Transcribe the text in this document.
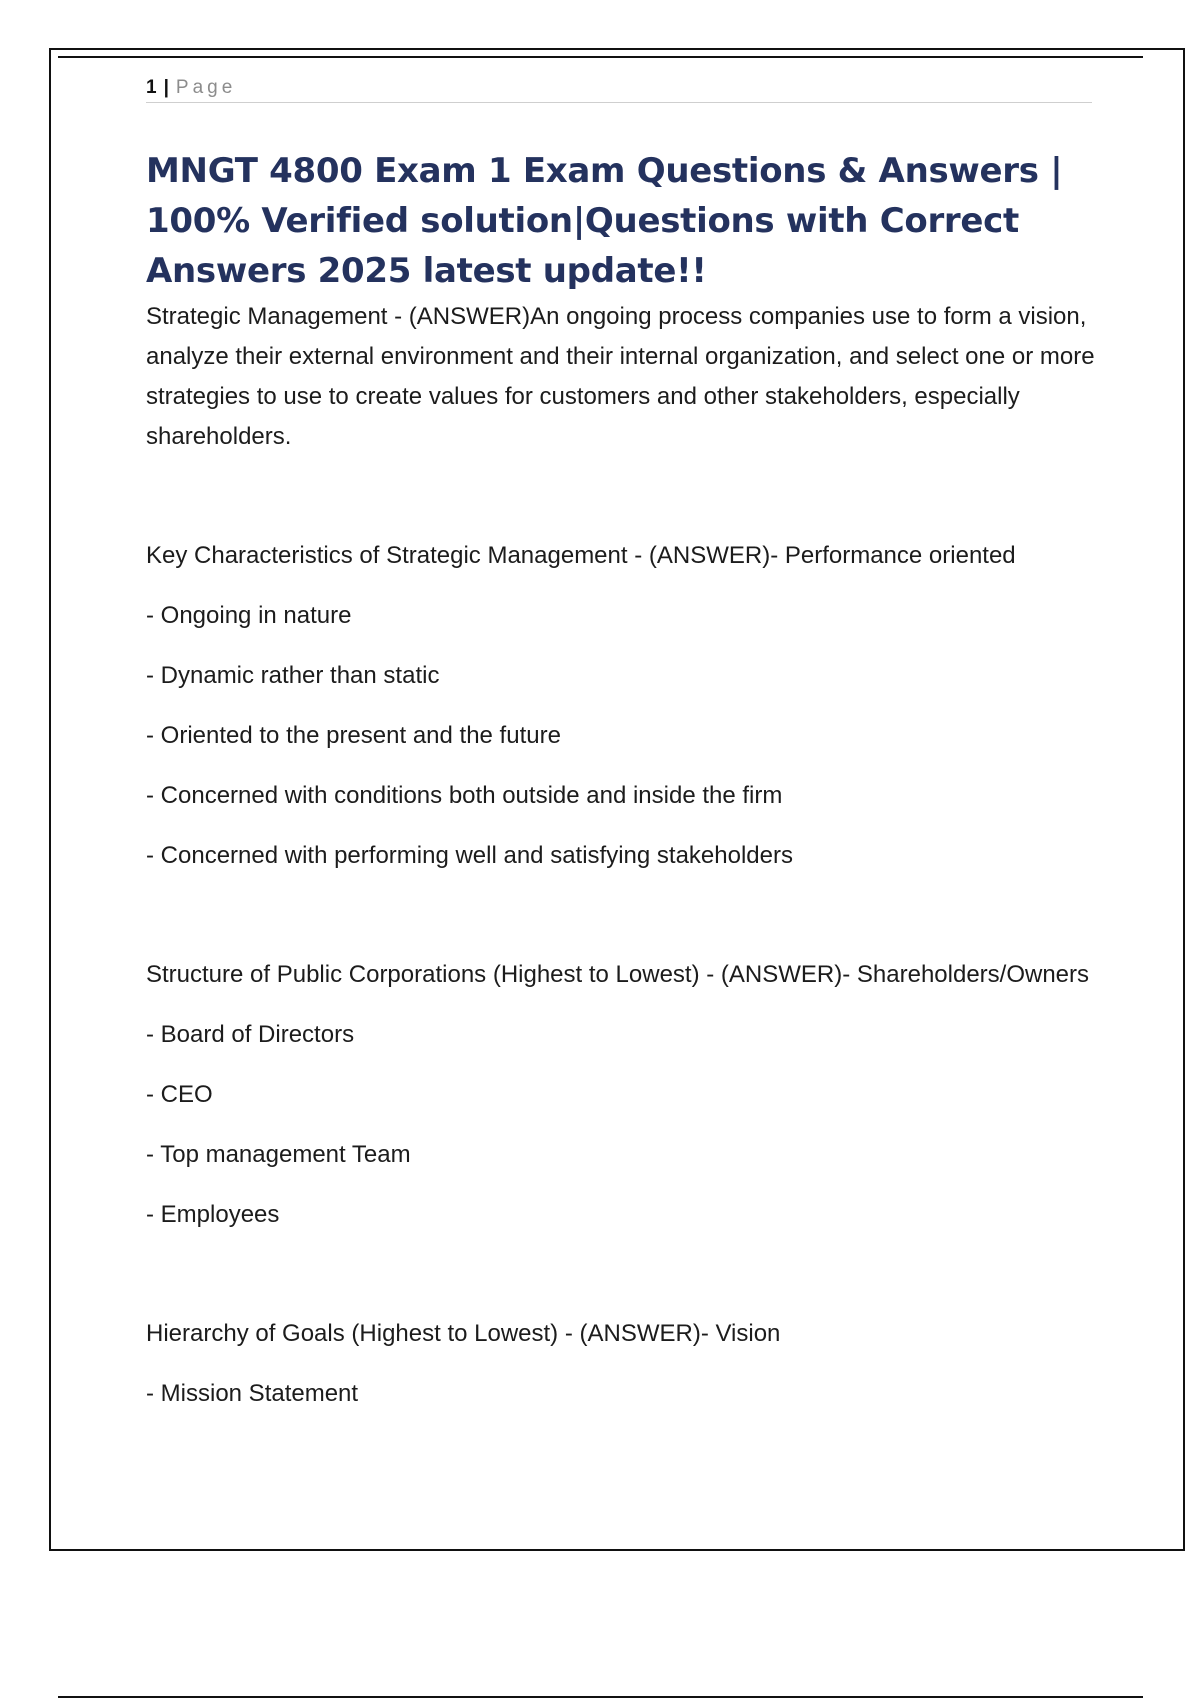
1 | Page
MNGT 4800 Exam 1 Exam Questions & Answers | 100% Verified solution|Questions with Correct Answers 2025 latest update!!

Strategic Management - (ANSWER)An ongoing process companies use to form a vision, analyze their external environment and their internal organization, and select one or more strategies to use to create values for customers and other stakeholders, especially shareholders.

Key Characteristics of Strategic Management - (ANSWER)- Performance oriented

- Ongoing in nature

- Dynamic rather than static

- Oriented to the present and the future

- Concerned with conditions both outside and inside the firm

- Concerned with performing well and satisfying stakeholders

Structure of Public Corporations (Highest to Lowest) - (ANSWER)- Shareholders/Owners

- Board of Directors

- CEO

- Top management Team

- Employees

Hierarchy of Goals (Highest to Lowest) - (ANSWER)- Vision

- Mission Statement
